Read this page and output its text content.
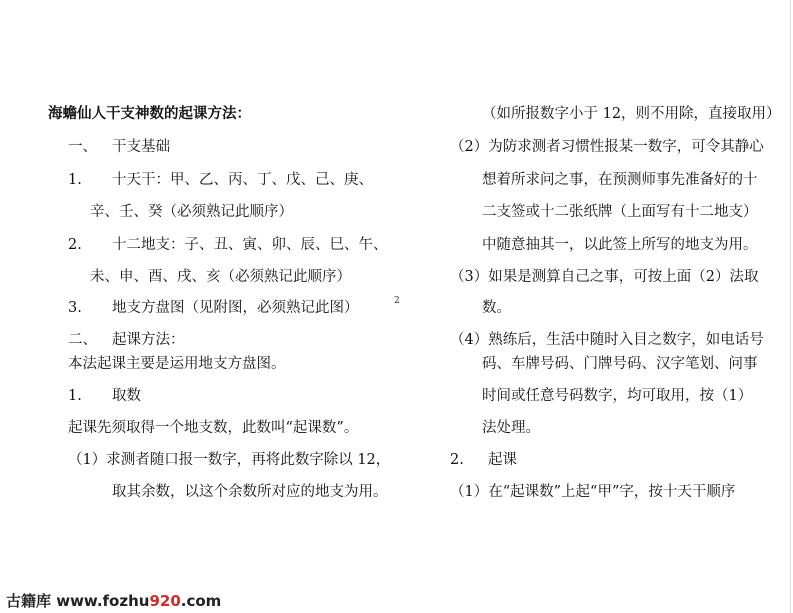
海蟾仙人干支神数的起课方法：
一、 干支基础
1. 十天干：甲、乙、丙、丁、戊、己、庚、
辛、壬、癸（必须熟记此顺序）
2. 十二地支：子、丑、寅、卯、辰、巳、午、
未、申、酉、戌、亥（必须熟记此顺序）
3. 地支方盘图（见附图，必须熟记此图）
二、 起课方法：
本法起课主要是运用地支方盘图。
1. 取数
起课先须取得一个地支数，此数叫“起课数”。
（1）求测者随口报一数字，再将此数字除以 12，
取其余数，以这个余数所对应的地支为用。
2
（如所报数字小于 12，则不用除，直接取用）
（2）为防求测者习惯性报某一数字，可令其静心
想着所求问之事，在预测师事先准备好的十
二支签或十二张纸牌（上面写有十二地支）
中随意抽其一，以此签上所写的地支为用。
（3）如果是测算自己之事，可按上面（2）法取
数。
（4）熟练后，生活中随时入目之数字，如电话号
码、车牌号码、门牌号码、汉字笔划、问事
时间或任意号码数字，均可取用，按（1）
法处理。
2. 起课
（1）在“起课数”上起“甲”字，按十天干顺序
古籍库 www.fozhu920.com
